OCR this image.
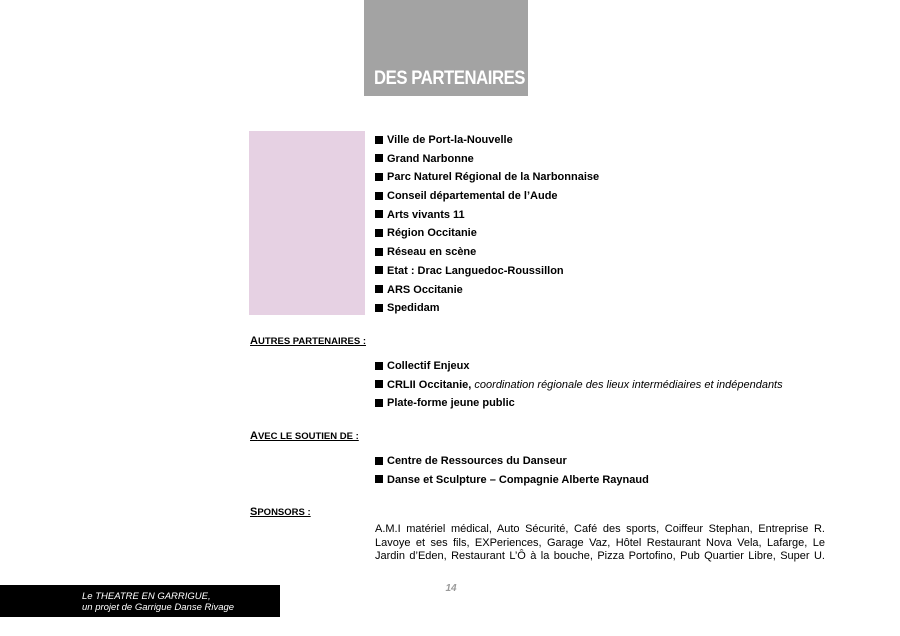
DES PARTENAIRES
Ville de Port-la-Nouvelle
Grand Narbonne
Parc Naturel Régional de la Narbonnaise
Conseil départemental de l’Aude
Arts vivants 11
Région Occitanie
Réseau en scène
Etat : Drac Languedoc-Roussillon
ARS Occitanie
Spedidam
AUTRES PARTENAIRES :
Collectif Enjeux
CRLII Occitanie, coordination régionale des lieux intermédiaires et indépendants
Plate-forme jeune public
AVEC LE SOUTIEN DE :
Centre de Ressources du Danseur
Danse et Sculpture – Compagnie Alberte Raynaud
SPONSORS :
A.M.I matériel médical, Auto Sécurité, Café des sports, Coiffeur Stephan, Entreprise R. Lavoye et ses fils, EXPeriences, Garage Vaz, Hôtel Restaurant Nova Vela, Lafarge, Le Jardin d’Eden, Restaurant L’Ô à la bouche, Pizza Portofino, Pub Quartier Libre, Super U.
Le THEATRE EN GARRIGUE,
un projet de Garrigue Danse Rivage
14
